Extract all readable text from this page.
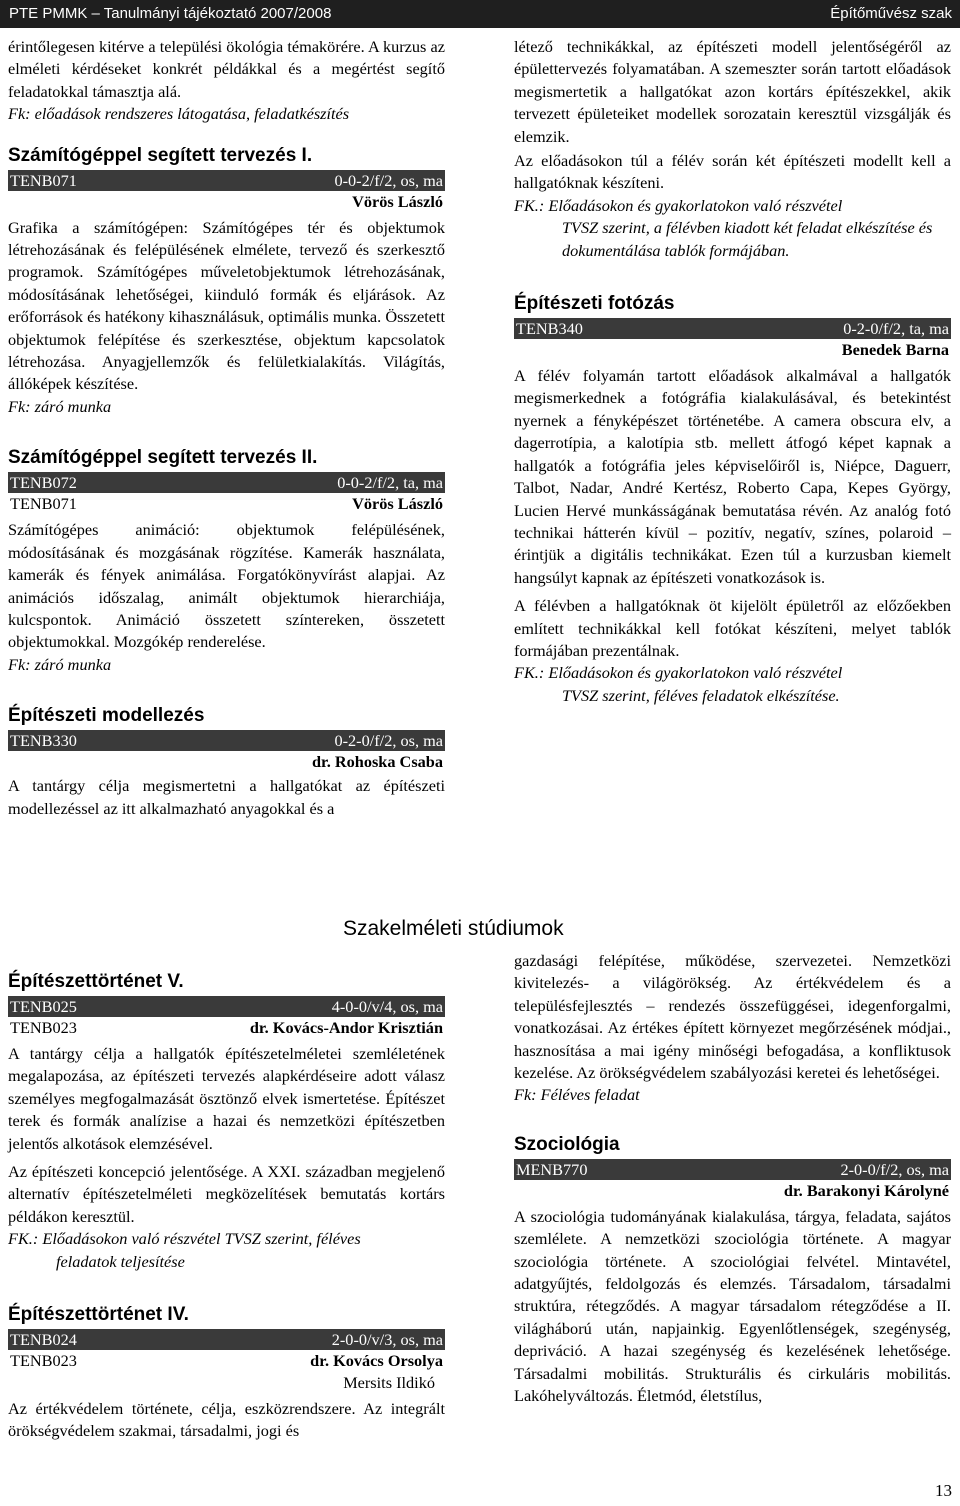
PTE PMMK – Tanulmányi tájékoztató 2007/2008	Építőművész szak

érintőlegesen kitérve a települési ökológia témakörére. A kurzus az elméleti kérdéseket konkrét példákkal és a megértést segítő feladatokkal támasztja alá.

Fk: előadások rendszeres látogatása, feladatkészítés

Számítógéppel segített tervezés I.
TENB071	0-0-2/f/2, os, ma
Vörös László

Grafika a számítógépen: Számítógépes tér és objektumok létrehozásának és felépülésének elmélete, tervező és szerkesztő programok. Számítógépes műveletobjektumok létrehozásának, módosításának lehetőségei, kiinduló formák és eljárások. Az erőforrások és hatékony kihasználásuk, optimális munka. Összetett objektumok felépítése és szerkesztése, objektum kapcsolatok létrehozása. Anyagjellemzők és felületkialakítás. Világítás, állóképek készítése.

Fk: záró munka

Számítógéppel segített tervezés II.
TENB072	0-0-2/f/2, ta, ma
TENB071	Vörös László

Számítógépes animáció: objektumok felépülésének, módosításának és mozgásának rögzítése. Kamerák használata, kamerák és fények animálása. Forgatókönyvírást alapjai. Az animációs időszalag, animált objektumok hierarchiája, kulcspontok. Animáció összetett színtereken, összetett objektumokkal. Mozgókép renderelése.

Fk: záró munka

Építészeti modellezés
TENB330	0-2-0/f/2, os, ma
dr. Rohoska Csaba

A tantárgy célja megismertetni a hallgatókat az építészeti modellezéssel az itt alkalmazható anyagokkal és a

létező technikákkal, az építészeti modell jelentőségéről az épülettervezés folyamatában. A szemeszter során tartott előadások megismertetik a hallgatókat azon kortárs építészekkel, akik tervezett épületeiket modellek sorozatain keresztül vizsgálják és elemzik.

Az előadásokon túl a félév során két építészeti modellt kell a hallgatóknak készíteni.

FK.: Előadásokon és gyakorlatokon való részvétel
TVSZ szerint, a félévben kiadott két feladat elkészítése és dokumentálása tablók formájában.

Építészeti fotózás
TENB340	0-2-0/f/2, ta, ma
Benedek Barna

A félév folyamán tartott előadások alkalmával a hallgatók megismerkednek a fotógráfia kialakulásával, és betekintést nyernek a fényképészet történetébe. A camera obscura elv, a dagerrotípia, a kalotípia stb. mellett átfogó képet kapnak a hallgatók a fotógráfia jeles képviselőiről is, Niépce, Daguerr, Talbot, Nadar, André Kertész, Roberto Capa, Kepes György, Lucien Hervé munkásságának bemutatása révén. Az analóg fotó technikai hátterén kívül – pozitív, negatív, színes, polaroid – érintjük a digitális technikákat. Ezen túl a kurzusban kiemelt hangsúlyt kapnak az építészeti vonatkozások is.

A félévben a hallgatóknak öt kijelölt épületről az előzőekben említett technikákkal kell fotókat készíteni, melyet tablók formájában prezentálnak.

FK.: Előadásokon és gyakorlatokon való részvétel
TVSZ szerint, féléves feladatok elkészítése.

Szakelméleti stúdiumok
Építészettörténet V.
TENB025	4-0-0/v/4, os, ma
TENB023	dr. Kovács-Andor Krisztián

A tantárgy célja a hallgatók építészetelméletei szemléletének megalapozása, az építészeti tervezés alapkérdéseire adott válasz személyes megfogalmazását ösztönző elvek ismertetése. Építészet terek és formák analízise a hazai és nemzetközi építészetben jelentős alkotások elemzésével.

Az építészeti koncepció jelentősége. A XXI. században megjelenő alternatív építészetelméleti megközelítések bemutatás kortárs példákon keresztül.

FK.: Előadásokon való részvétel TVSZ szerint, féléves
feladatok teljesítése

Építészettörténet IV.
TENB024	2-0-0/v/3, os, ma
TENB023	dr. Kovács Orsolya
Mersits Ildikó

Az értékvédelem története, célja, eszközrendszere. Az integrált örökségvédelem szakmai, társadalmi, jogi és

gazdasági felépítése, működése, szervezetei. Nemzetközi kivitelezés- a világörökség. Az értékvédelem és a településfejlesztés – rendezés összefüggései, idegenforgalmi, vonatkozásai. Az értékes épített környezet megőrzésének módjai., hasznosítása a mai igény minőségi befogadása, a konfliktusok kezelése. Az örökségvédelem szabályozási keretei és lehetőségei.

Fk: Féléves feladat

Szociológia
MENB770	2-0-0/f/2, os, ma
dr. Barakonyi Károlyné

A szociológia tudományának kialakulása, tárgya, feladata, sajátos szemlélete. A nemzetközi szociológia története. A magyar szociológia története. A szociológiai felvétel. Mintavétel, adatgyűjtés, feldolgozás és elemzés. Társadalom, társadalmi struktúra, rétegződés. A magyar társadalom rétegződése a II. világháború után, napjainkig. Egyenlőtlenségek, szegénység, depriváció. A hazai szegénység és kezelésének lehetősége. Társadalmi mobilitás. Strukturális és cirkuláris mobilitás. Lakóhelyváltozás. Életmód, életstílus,

13
